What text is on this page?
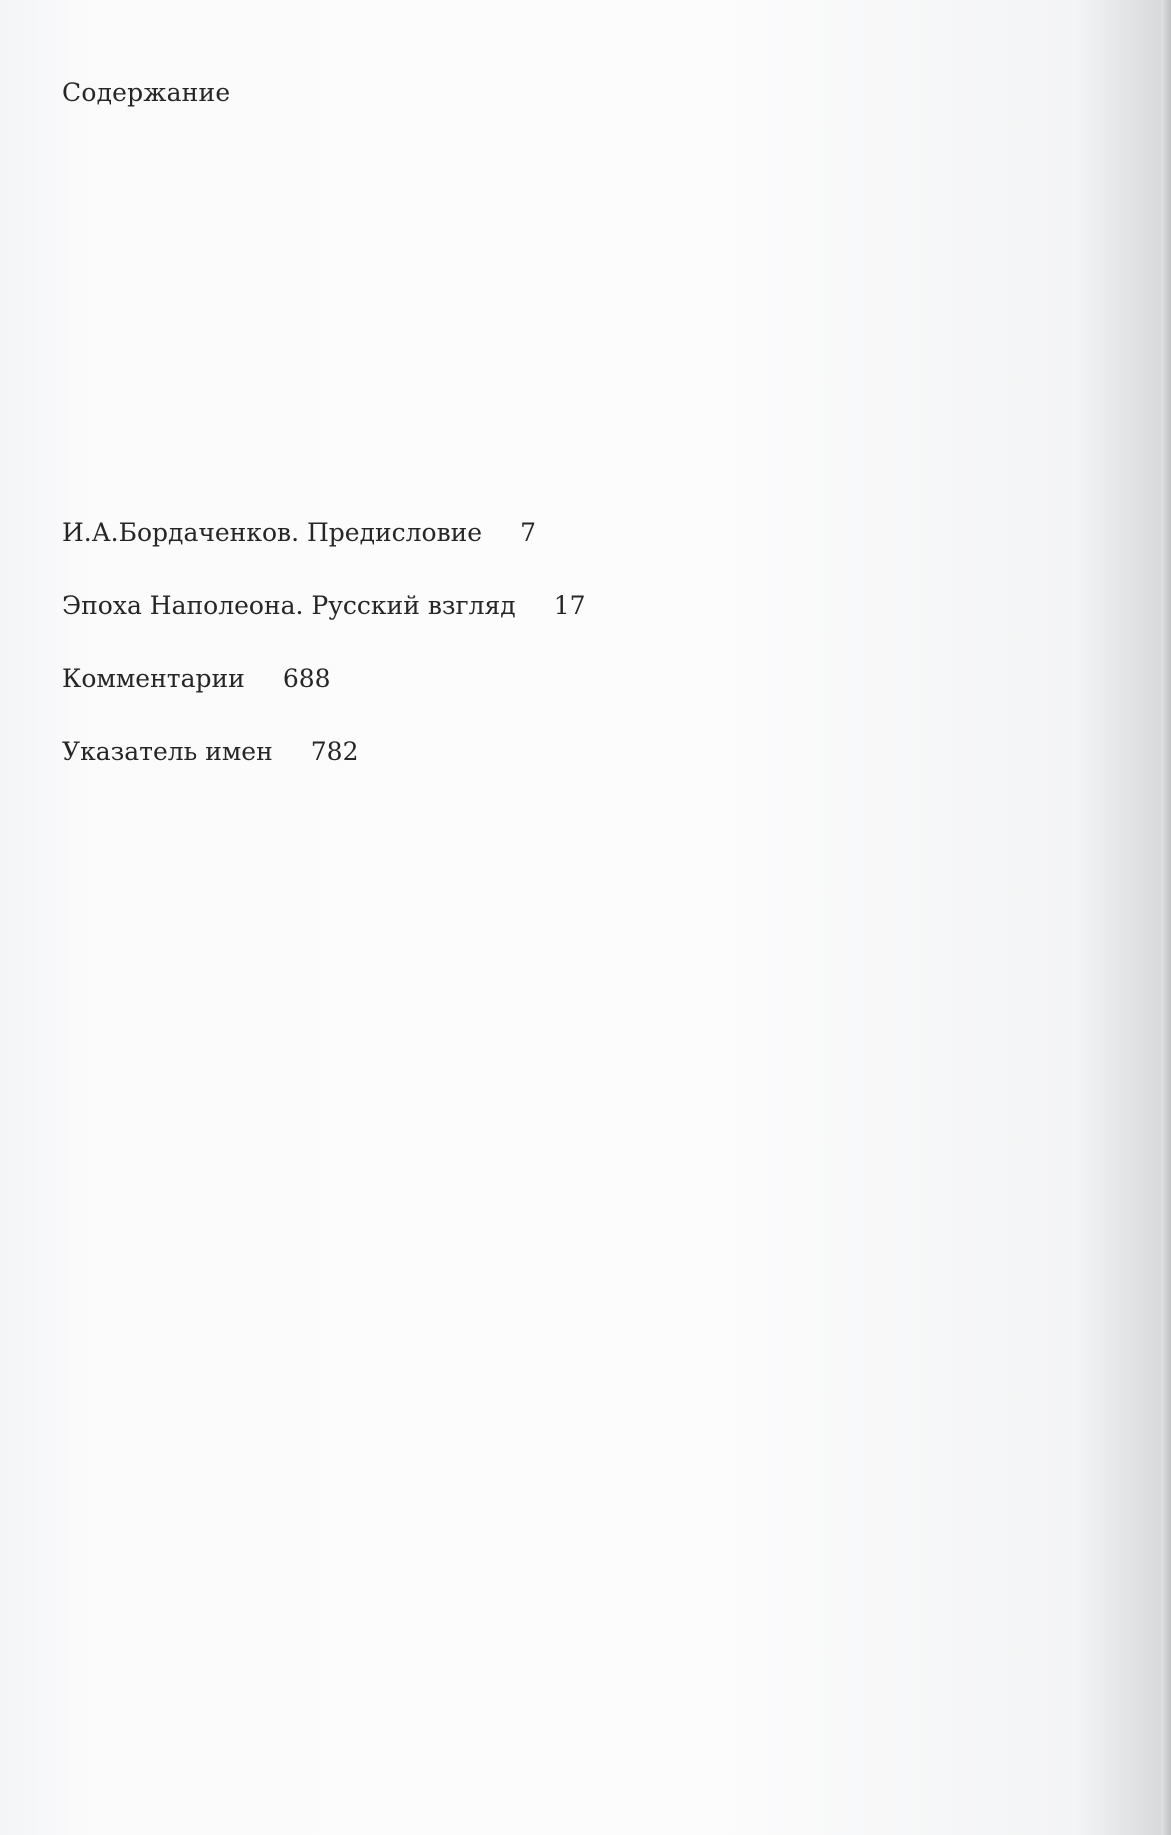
Содержание
И.А.Бордаченков. Предисловие 7
Эпоха Наполеона. Русский взгляд 17
Комментарии 688
Указатель имен 782
